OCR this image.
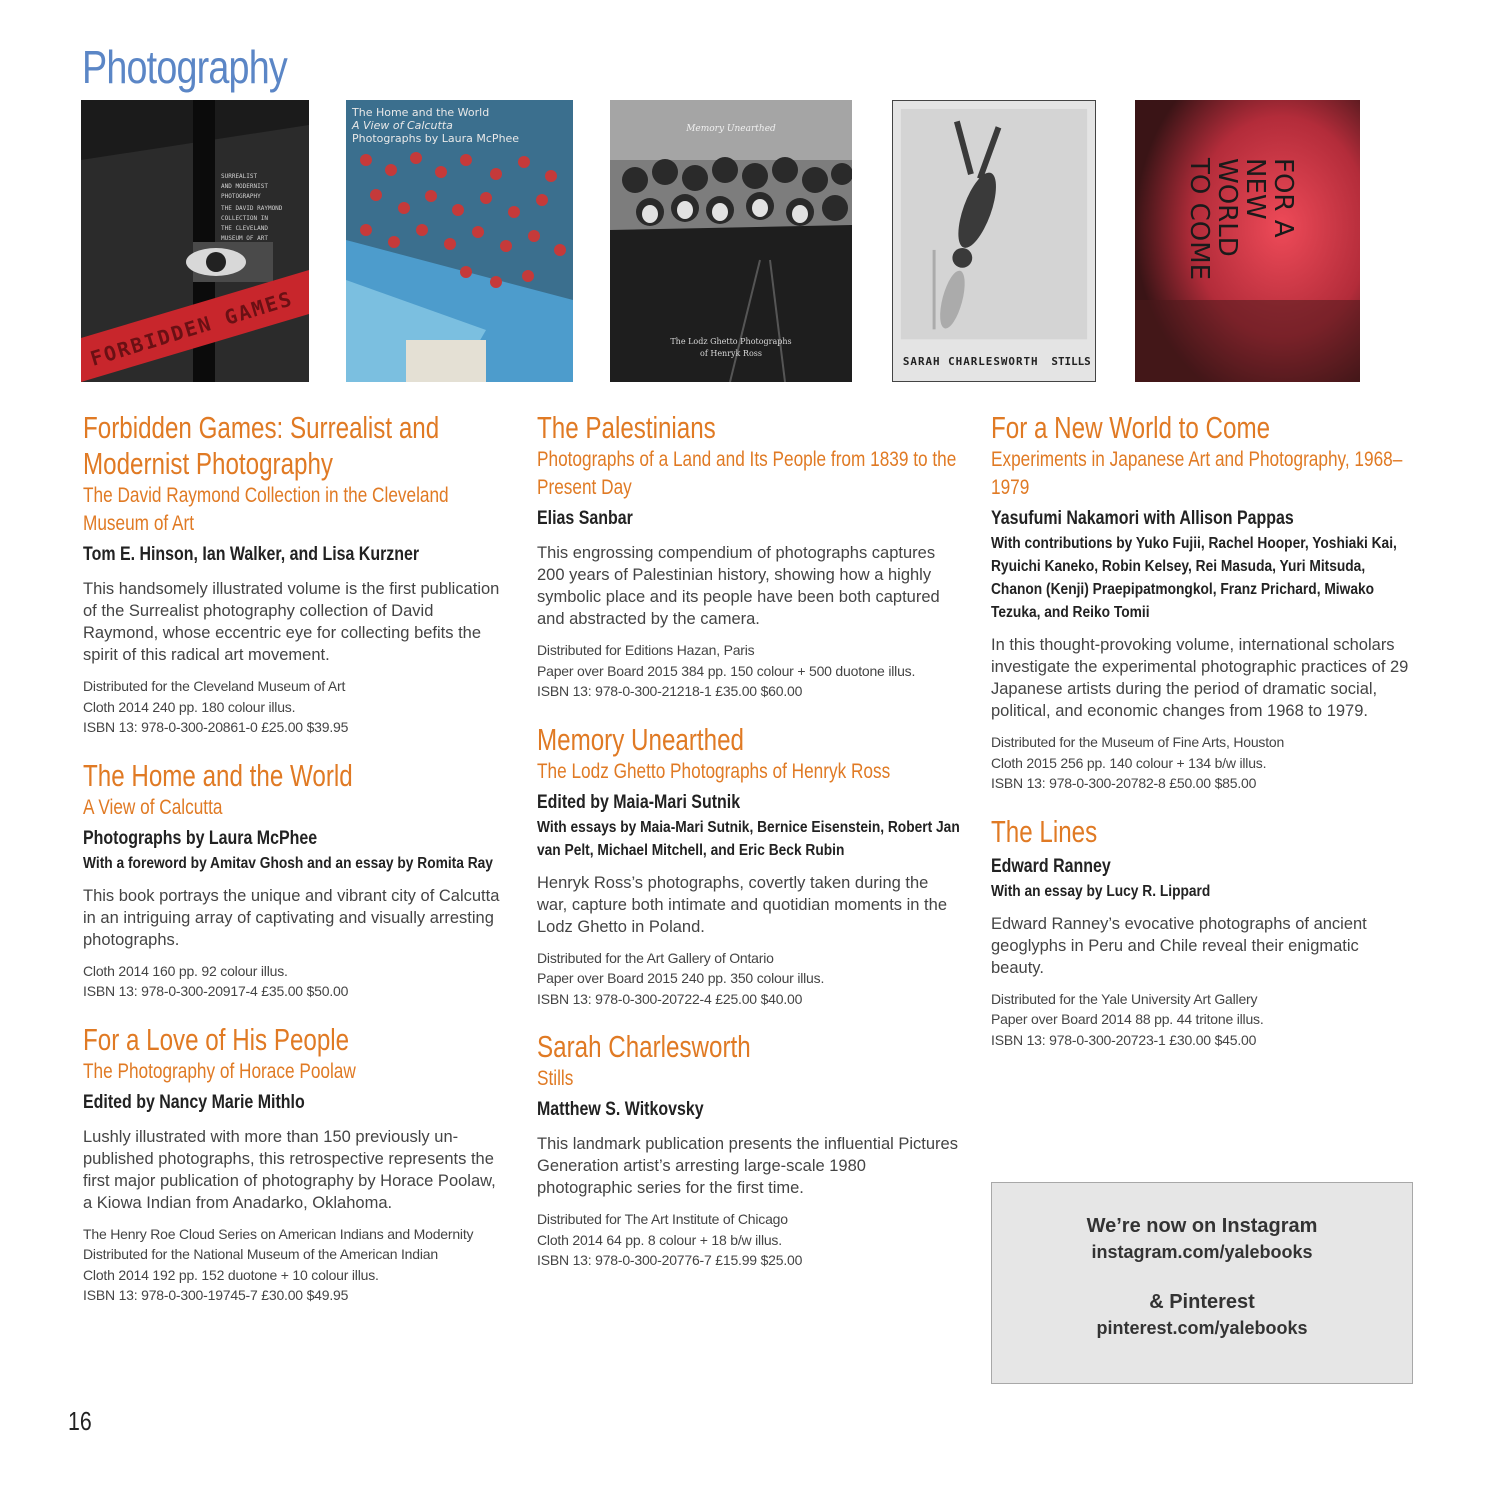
Photography
SURREALIST
AND MODERNIST
PHOTOGRAPHY
THE DAVID RAYMOND
COLLECTION IN
THE CLEVELAND
MUSEUM OF ART
FORBIDDEN GAMES
The Home and the World
A View of Calcutta
Photographs by Laura McPhee
Memory Unearthed
The Lodz Ghetto Photographs
of Henryk Ross
SARAH CHARLESWORTH STILLS
FOR A
NEW
WORLD
TO COME
Forbidden Games: Surrealist and Modernist Photography

The David Raymond Collection in the Cleveland Museum of Art

Tom E. Hinson, Ian Walker, and Lisa Kurzner

This handsomely illustrated volume is the first publication of the Surrealist photography collection of David Raymond, whose eccentric eye for collecting befits the spirit of this radical art movement.

Distributed for the Cleveland Museum of Art
Cloth 2014 240 pp. 180 colour illus.
ISBN 13: 978-0-300-20861-0 £25.00 $39.95
The Home and the World

A View of Calcutta

Photographs by Laura McPhee

With a foreword by Amitav Ghosh and an essay by Romita Ray

This book portrays the unique and vibrant city of Calcutta in an intriguing array of captivating and visually arresting photographs.

Cloth 2014 160 pp. 92 colour illus.
ISBN 13: 978-0-300-20917-4 £35.00 $50.00
For a Love of His People

The Photography of Horace Poolaw

Edited by Nancy Marie Mithlo

Lushly illustrated with more than 150 previously un-published photographs, this retrospective represents the first major publication of photography by Horace Poolaw, a Kiowa Indian from Anadarko, Oklahoma.

The Henry Roe Cloud Series on American Indians and Modernity
Distributed for the National Museum of the American Indian
Cloth 2014 192 pp. 152 duotone + 10 colour illus.
ISBN 13: 978-0-300-19745-7 £30.00 $49.95
The Palestinians

Photographs of a Land and Its People from 1839 to the Present Day

Elias Sanbar

This engrossing compendium of photographs captures 200 years of Palestinian history, showing how a highly symbolic place and its people have been both captured and abstracted by the camera.

Distributed for Editions Hazan, Paris
Paper over Board 2015 384 pp. 150 colour + 500 duotone illus.
ISBN 13: 978-0-300-21218-1 £35.00 $60.00
Memory Unearthed

The Lodz Ghetto Photographs of Henryk Ross

Edited by Maia-Mari Sutnik

With essays by Maia-Mari Sutnik, Bernice Eisenstein, Robert Jan van Pelt, Michael Mitchell, and Eric Beck Rubin

Henryk Ross’s photographs, covertly taken during the war, capture both intimate and quotidian moments in the Lodz Ghetto in Poland.

Distributed for the Art Gallery of Ontario
Paper over Board 2015 240 pp. 350 colour illus.
ISBN 13: 978-0-300-20722-4 £25.00 $40.00
Sarah Charlesworth

Stills

Matthew S. Witkovsky

This landmark publication presents the influential Pictures Generation artist’s arresting large-scale 1980 photographic series for the first time.

Distributed for The Art Institute of Chicago
Cloth 2014 64 pp. 8 colour + 18 b/w illus.
ISBN 13: 978-0-300-20776-7 £15.99 $25.00
For a New World to Come

Experiments in Japanese Art and Photography, 1968–1979

Yasufumi Nakamori with Allison Pappas

With contributions by Yuko Fujii, Rachel Hooper, Yoshiaki Kai, Ryuichi Kaneko, Robin Kelsey, Rei Masuda, Yuri Mitsuda, Chanon (Kenji) Praepipatmongkol, Franz Prichard, Miwako Tezuka, and Reiko Tomii

In this thought-provoking volume, international scholars investigate the experimental photographic practices of 29 Japanese artists during the period of dramatic social, political, and economic changes from 1968 to 1979.

Distributed for the Museum of Fine Arts, Houston
Cloth 2015 256 pp. 140 colour + 134 b/w illus.
ISBN 13: 978-0-300-20782-8 £50.00 $85.00
The Lines

Edward Ranney

With an essay by Lucy R. Lippard

Edward Ranney’s evocative photographs of ancient geoglyphs in Peru and Chile reveal their enigmatic beauty.

Distributed for the Yale University Art Gallery
Paper over Board 2014 88 pp. 44 tritone illus.
ISBN 13: 978-0-300-20723-1 £30.00 $45.00

We’re now on Instagram

instagram.com/yalebooks

& Pinterest

pinterest.com/yalebooks

16
